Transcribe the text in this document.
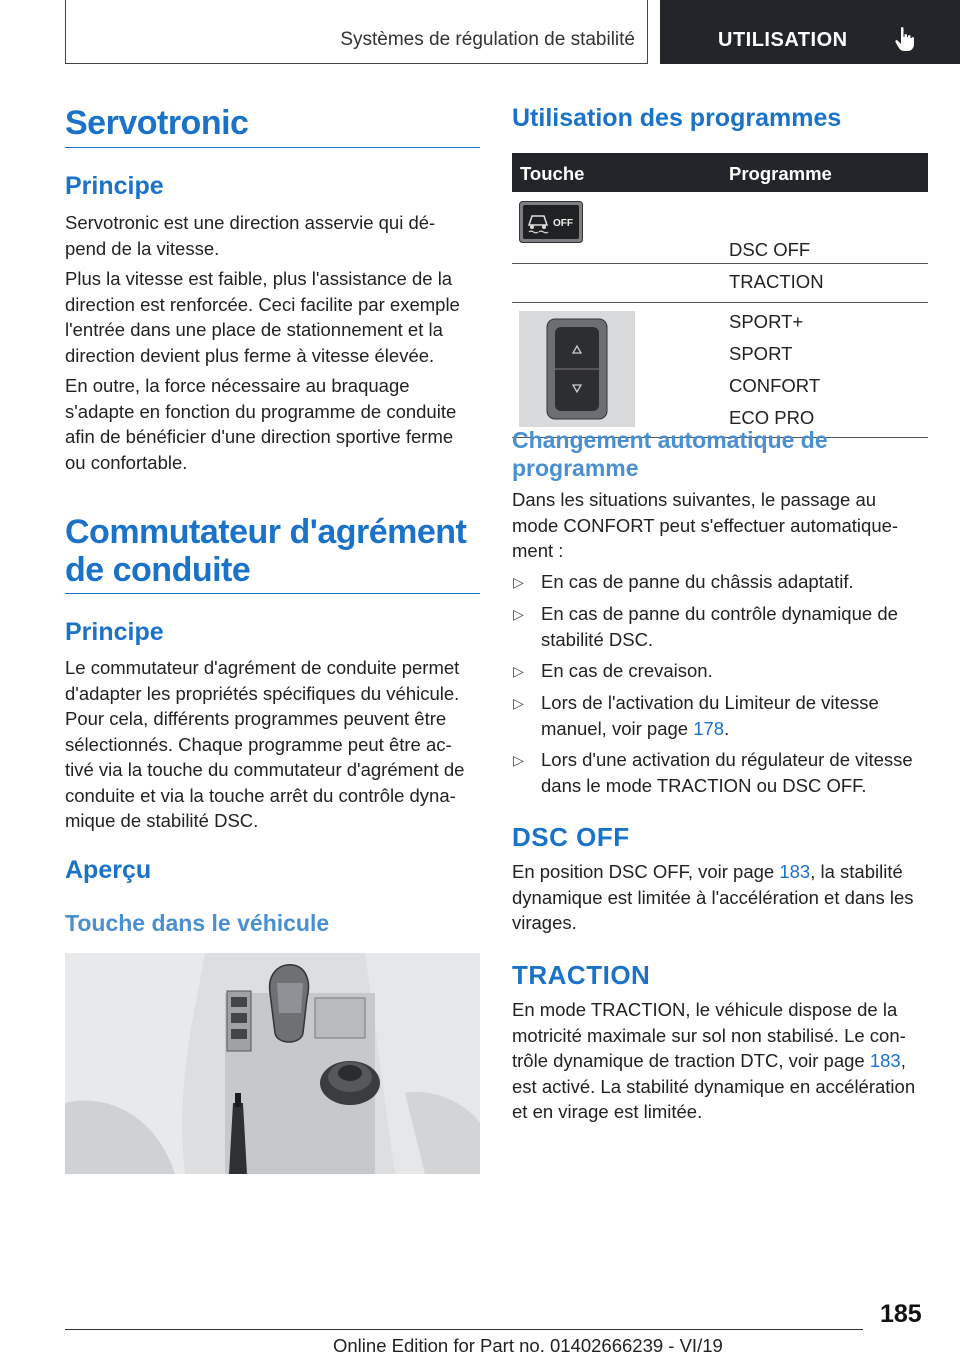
Systèmes de régulation de stabilité	UTILISATION
Servotronic
Principe
Servotronic est une direction asservie qui dé‐
pend de la vitesse.
Plus la vitesse est faible, plus l'assistance de la
direction est renforcée. Ceci facilite par exemple
l'entrée dans une place de stationnement et la
direction devient plus ferme à vitesse élevée.
En outre, la force nécessaire au braquage
s'adapte en fonction du programme de conduite
afin de bénéficier d'une direction sportive ferme
ou confortable.
Commutateur d'agrément
de conduite
Principe
Le commutateur d'agrément de conduite permet
d'adapter les propriétés spécifiques du véhicule.
Pour cela, différents programmes peuvent être
sélectionnés. Chaque programme peut être ac‐
tivé via la touche du commutateur d'agrément de
conduite et via la touche arrêt du contrôle dyna‐
mique de stabilité DSC.
Aperçu
Touche dans le véhicule
Utilisation des programmes
Touche	Programme
OFF
DSC OFF
TRACTION
SPORT+
SPORT
CONFORT
ECO PRO
Changement automatique de
programme
Dans les situations suivantes, le passage au
mode CONFORT peut s'effectuer automatique‐
ment :
▷ En cas de panne du châssis adaptatif.
▷ En cas de panne du contrôle dynamique de
stabilité DSC.
▷ En cas de crevaison.
▷ Lors de l'activation du Limiteur de vitesse
manuel, voir page 178.
▷ Lors d'une activation du régulateur de vitesse
dans le mode TRACTION ou DSC OFF.
DSC OFF
En position DSC OFF, voir page 183, la stabilité
dynamique est limitée à l'accélération et dans les
virages.
TRACTION
En mode TRACTION, le véhicule dispose de la
motricité maximale sur sol non stabilisé. Le con‐
trôle dynamique de traction DTC, voir page 183,
est activé. La stabilité dynamique en accélération
et en virage est limitée.
185
Online Edition for Part no. 01402666239 - VI/19
